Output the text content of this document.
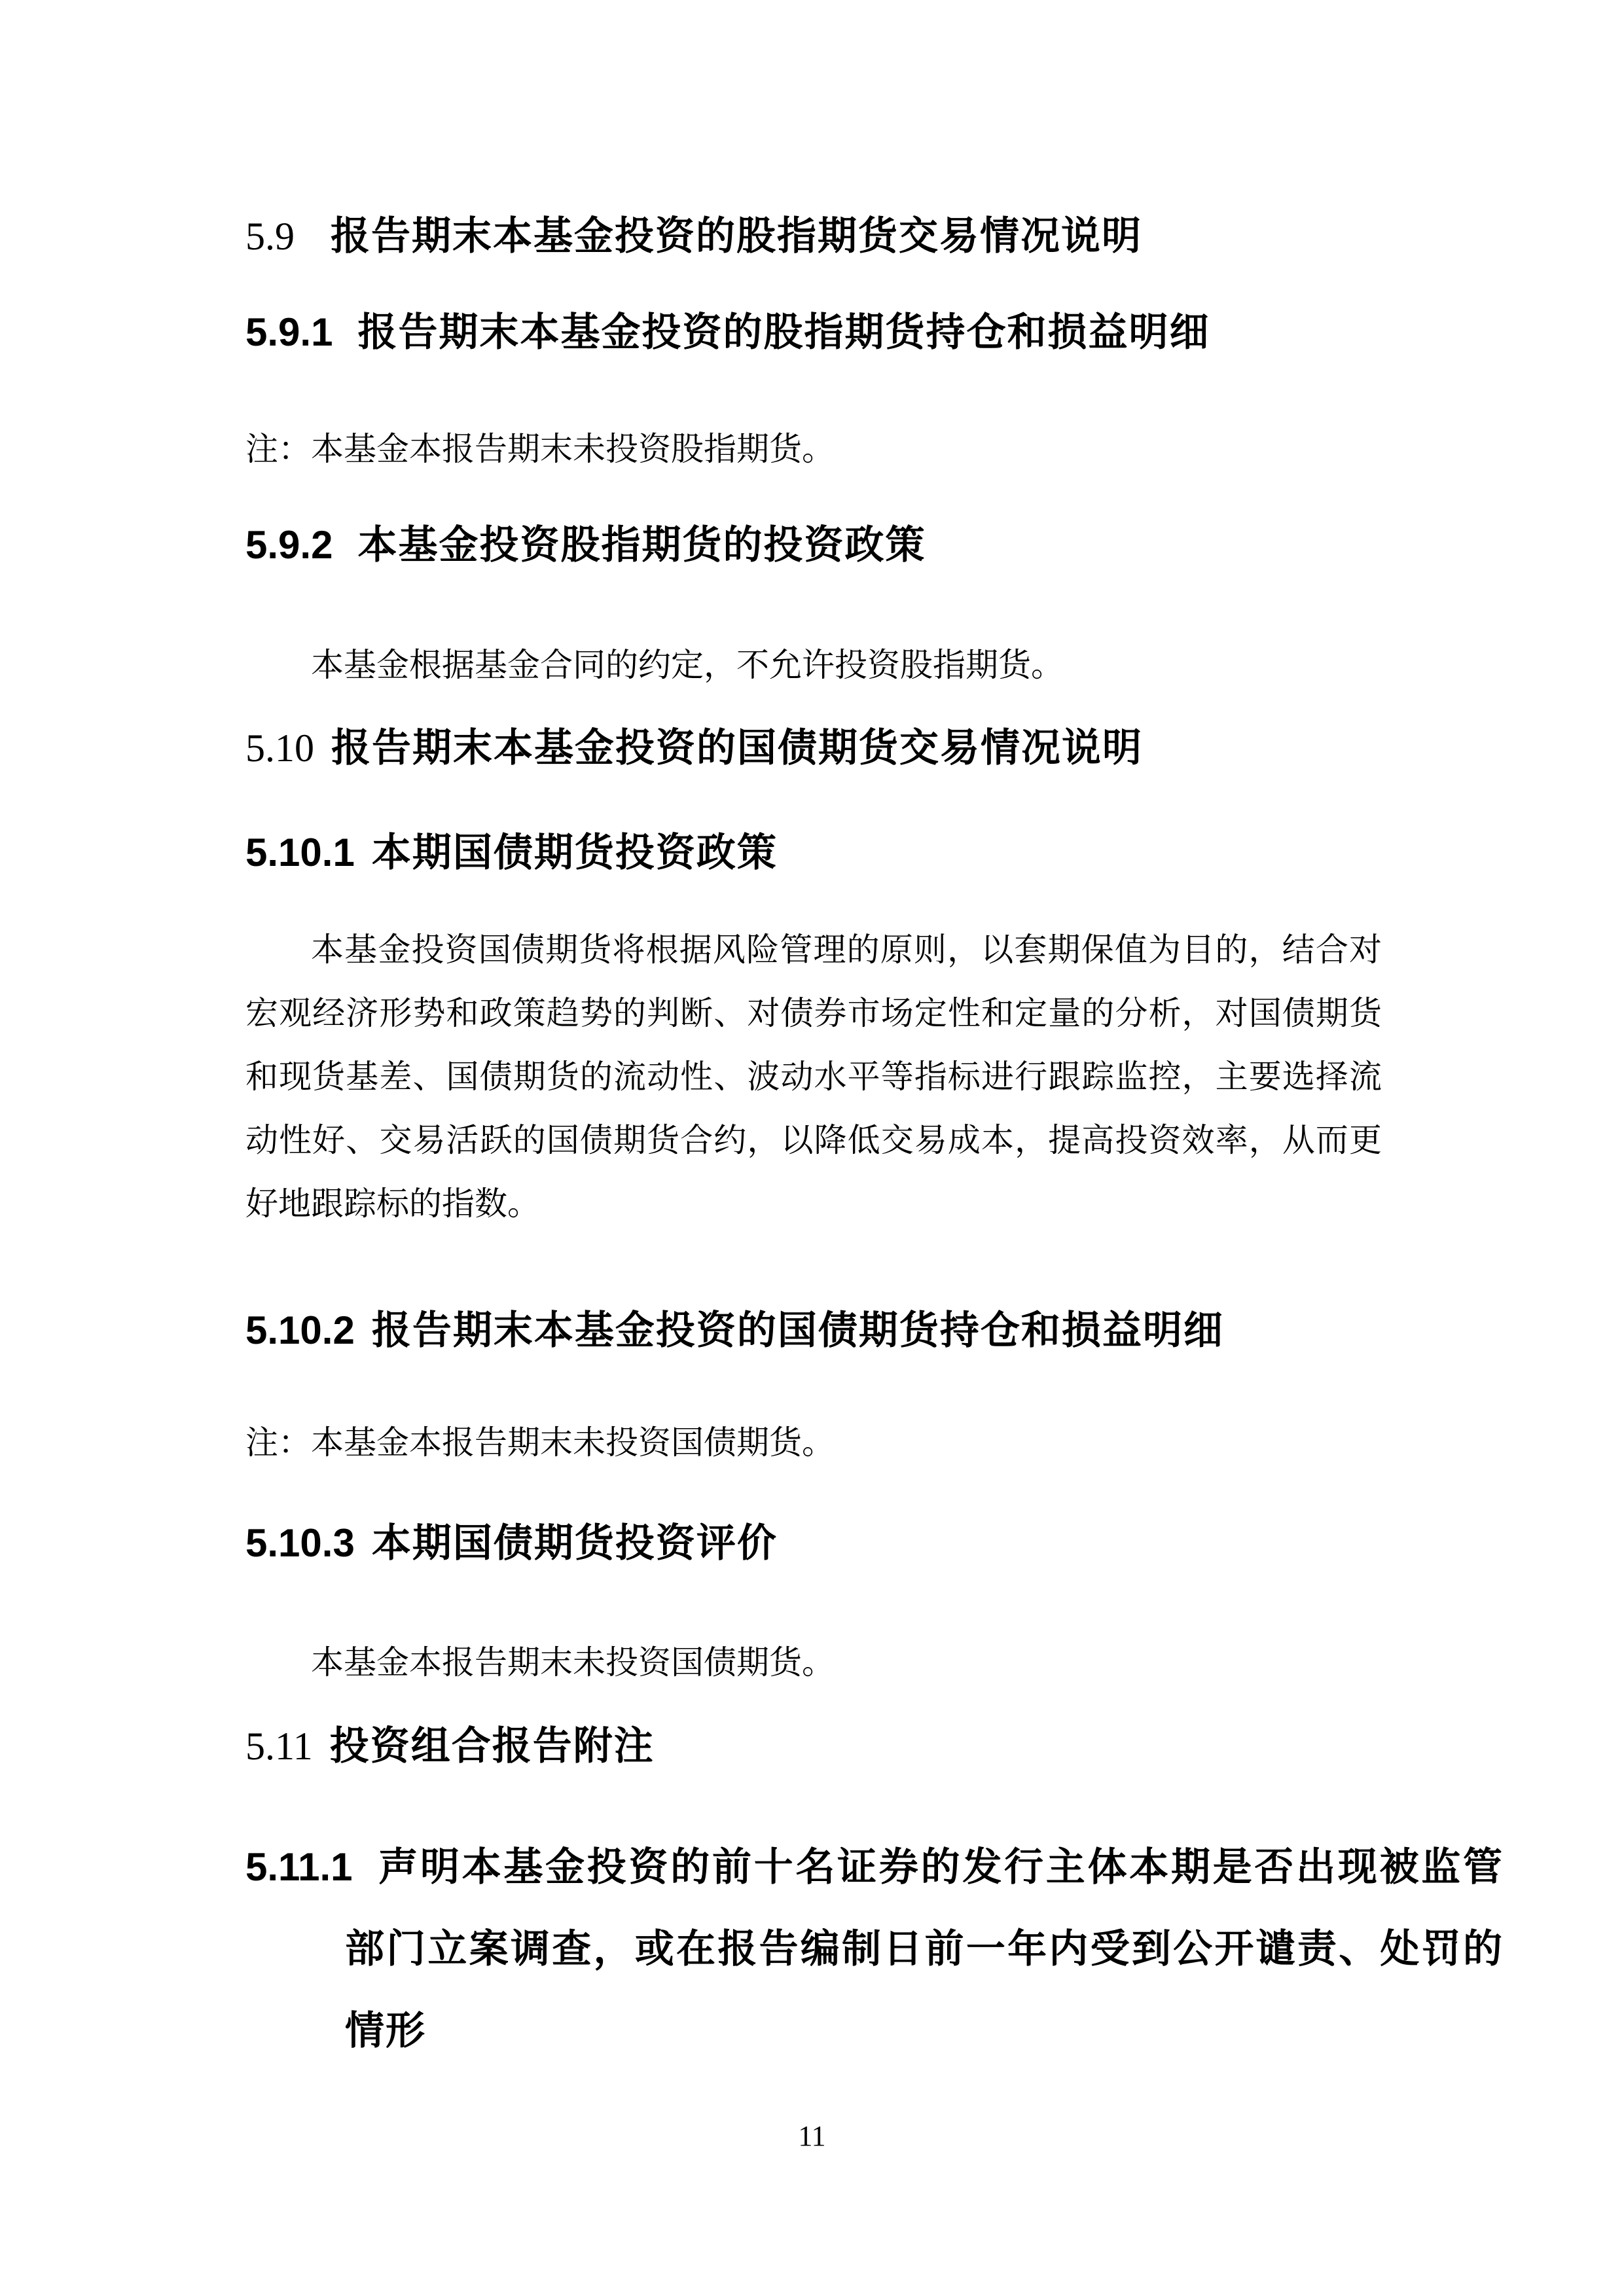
5.9 报告期末本基金投资的股指期货交易情况说明
5.9.1 报告期末本基金投资的股指期货持仓和损益明细
注：本基金本报告期末未投资股指期货。
5.9.2 本基金投资股指期货的投资政策
本基金根据基金合同的约定，不允许投资股指期货。
5.10 报告期末本基金投资的国债期货交易情况说明
5.10.1 本期国债期货投资政策
本基金投资国债期货将根据风险管理的原则，以套期保值为目的，结合对宏观经济形势和政策趋势的判断、对债券市场定性和定量的分析，对国债期货和现货基差、国债期货的流动性、波动水平等指标进行跟踪监控，主要选择流动性好、交易活跃的国债期货合约，以降低交易成本，提高投资效率，从而更好地跟踪标的指数。
5.10.2 报告期末本基金投资的国债期货持仓和损益明细
注：本基金本报告期末未投资国债期货。
5.10.3 本期国债期货投资评价
本基金本报告期末未投资国债期货。
5.11 投资组合报告附注
5.11.1 声明本基金投资的前十名证券的发行主体本期是否出现被监管部门立案调查，或在报告编制日前一年内受到公开谴责、处罚的情形
11
